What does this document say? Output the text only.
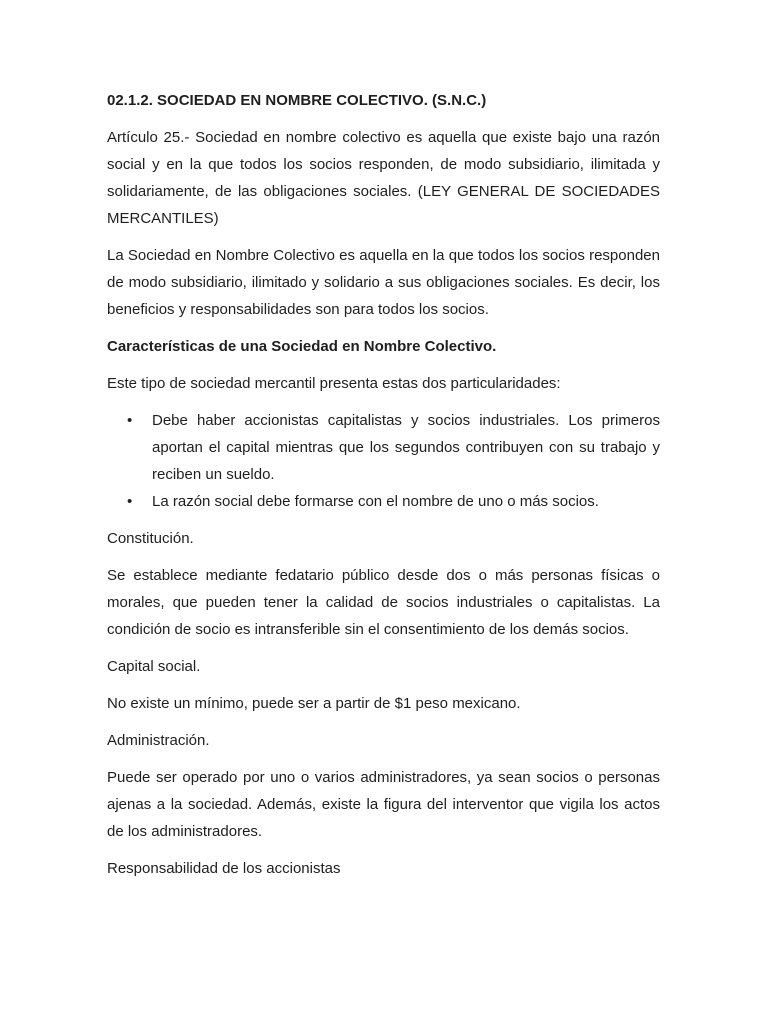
02.1.2. SOCIEDAD EN NOMBRE COLECTIVO. (S.N.C.)

Artículo 25.- Sociedad en nombre colectivo es aquella que existe bajo una razón social y en la que todos los socios responden, de modo subsidiario, ilimitada y solidariamente, de las obligaciones sociales. (LEY GENERAL DE SOCIEDADES MERCANTILES)

La Sociedad en Nombre Colectivo es aquella en la que todos los socios responden de modo subsidiario, ilimitado y solidario a sus obligaciones sociales. Es decir, los beneficios y responsabilidades son para todos los socios.

Características de una Sociedad en Nombre Colectivo.

Este tipo de sociedad mercantil presenta estas dos particularidades:

• Debe haber accionistas capitalistas y socios industriales. Los primeros aportan el capital mientras que los segundos contribuyen con su trabajo y reciben un sueldo.
• La razón social debe formarse con el nombre de uno o más socios.

Constitución.

Se establece mediante fedatario público desde dos o más personas físicas o morales, que pueden tener la calidad de socios industriales o capitalistas. La condición de socio es intransferible sin el consentimiento de los demás socios.

Capital social.

No existe un mínimo, puede ser a partir de $1 peso mexicano.

Administración.

Puede ser operado por uno o varios administradores, ya sean socios o personas ajenas a la sociedad. Además, existe la figura del interventor que vigila los actos de los administradores.

Responsabilidad de los accionistas
